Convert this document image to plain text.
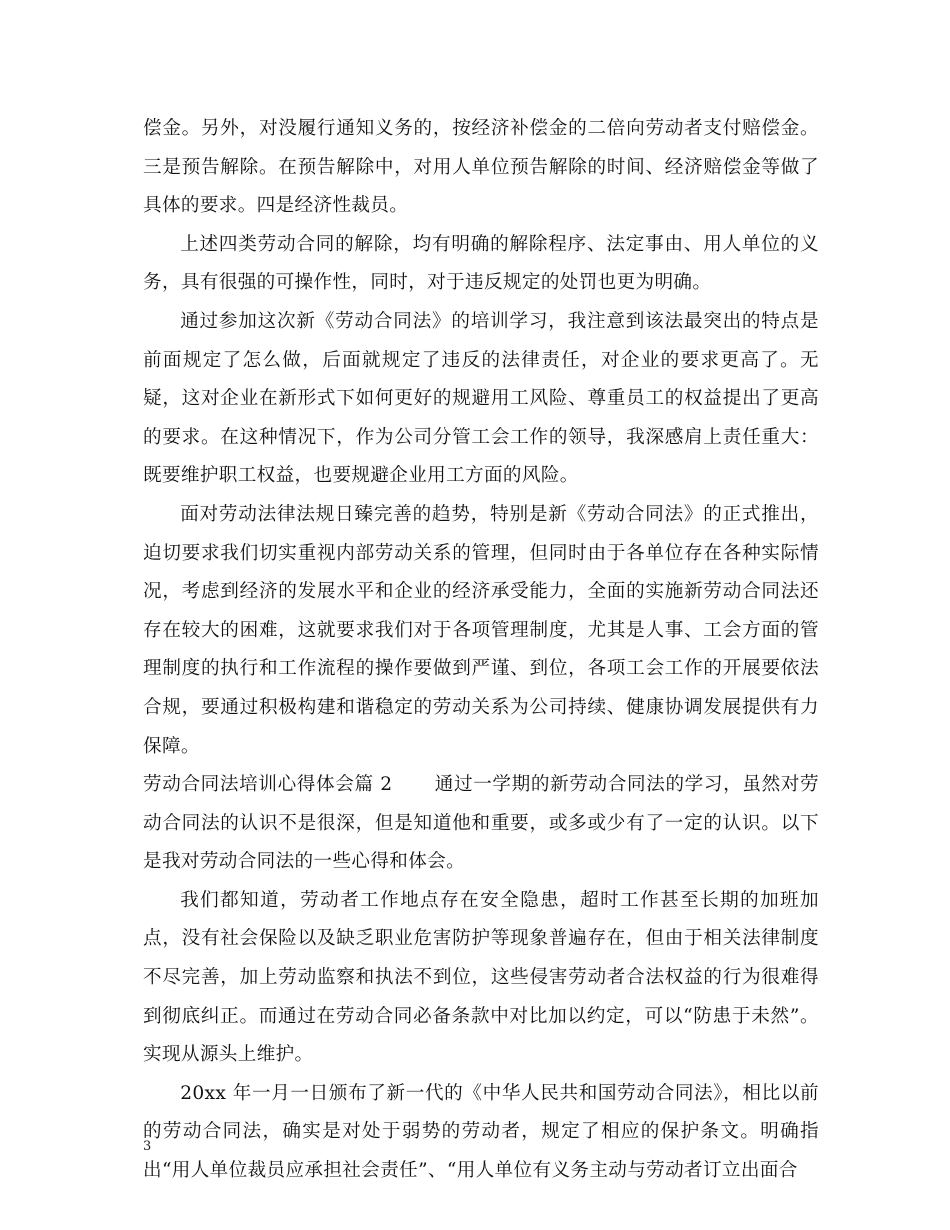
偿金。另外，对没履行通知义务的，按经济补偿金的二倍向劳动者支付赔偿金。三是预告解除。在预告解除中，对用人单位预告解除的时间、经济赔偿金等做了具体的要求。四是经济性裁员。

上述四类劳动合同的解除，均有明确的解除程序、法定事由、用人单位的义务，具有很强的可操作性，同时，对于违反规定的处罚也更为明确。

通过参加这次新《劳动合同法》的培训学习，我注意到该法最突出的特点是前面规定了怎么做，后面就规定了违反的法律责任，对企业的要求更高了。无疑，这对企业在新形式下如何更好的规避用工风险、尊重员工的权益提出了更高的要求。在这种情况下，作为公司分管工会工作的领导，我深感肩上责任重大：既要维护职工权益，也要规避企业用工方面的风险。

面对劳动法律法规日臻完善的趋势，特别是新《劳动合同法》的正式推出，迫切要求我们切实重视内部劳动关系的管理，但同时由于各单位存在各种实际情况，考虑到经济的发展水平和企业的经济承受能力，全面的实施新劳动合同法还存在较大的困难，这就要求我们对于各项管理制度，尤其是人事、工会方面的管理制度的执行和工作流程的操作要做到严谨、到位，各项工会工作的开展要依法合规，要通过积极构建和谐稳定的劳动关系为公司持续、健康协调发展提供有力保障。

劳动合同法培训心得体会篇 2 通过一学期的新劳动合同法的学习，虽然对劳动合同法的认识不是很深，但是知道他和重要，或多或少有了一定的认识。以下是我对劳动合同法的一些心得和体会。

我们都知道，劳动者工作地点存在安全隐患，超时工作甚至长期的加班加点，没有社会保险以及缺乏职业危害防护等现象普遍存在，但由于相关法律制度不尽完善，加上劳动监察和执法不到位，这些侵害劳动者合法权益的行为很难得到彻底纠正。而通过在劳动合同必备条款中对比加以约定，可以“防患于未然”。实现从源头上维护。

20xx 年一月一日颁布了新一代的《中华人民共和国劳动合同法》，相比以前的劳动合同法，确实是对处于弱势的劳动者，规定了相应的保护条文。明确指出“用人单位裁员应承担社会责任”、“用人单位有义务主动与劳动者订立出面合

3
